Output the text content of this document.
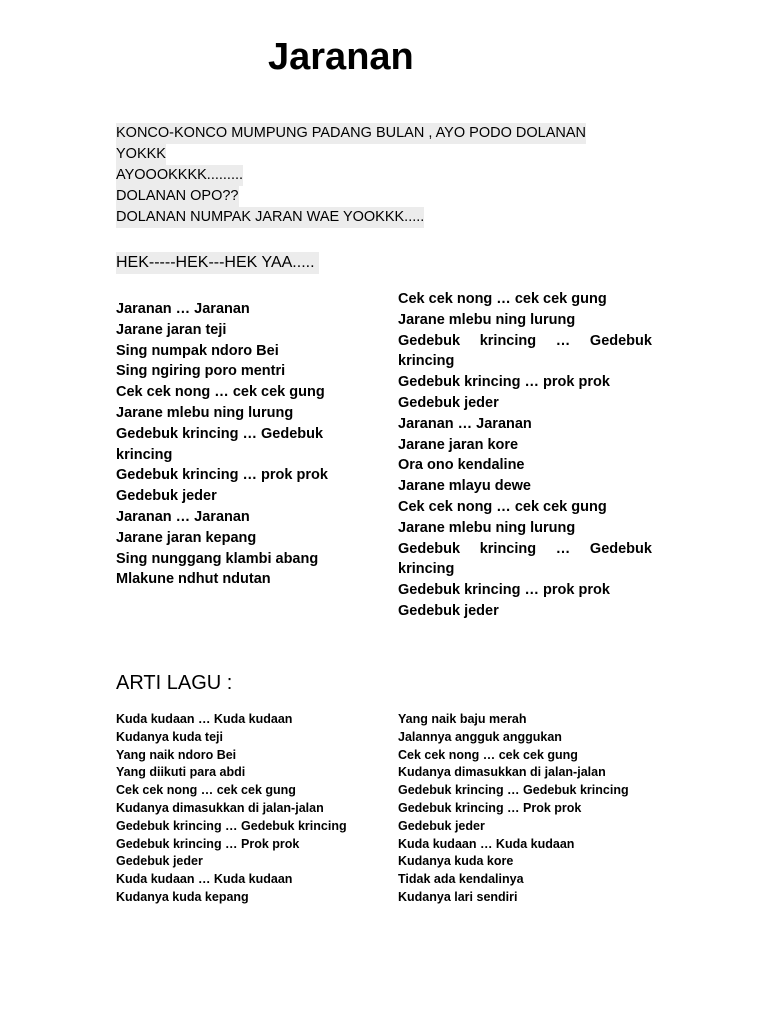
Jaranan
KONCO-KONCO MUMPUNG PADANG BULAN , AYO PODO DOLANAN
YOKKK
AYOOOKKKK.........
DOLANAN OPO??
DOLANAN NUMPAK JARAN WAE YOOKKK.....
HEK-----HEK---HEK YAA.....
Jaranan … Jaranan
Jarane jaran teji
Sing numpak ndoro Bei
Sing ngiring poro mentri
Cek cek nong … cek cek gung
Jarane mlebu ning lurung
Gedebuk krincing … Gedebuk
krincing
Gedebuk krincing … prok prok
Gedebuk jeder
Jaranan … Jaranan
Jarane jaran kepang
Sing nunggang klambi abang
Mlakune ndhut ndutan
Cek cek nong … cek cek gung
Jarane mlebu ning lurung
Gedebuk krincing … Gedebuk
krincing
Gedebuk krincing … prok prok
Gedebuk jeder
Jaranan … Jaranan
Jarane jaran kore
Ora ono kendaline
Jarane mlayu dewe
Cek cek nong … cek cek gung
Jarane mlebu ning lurung
Gedebuk krincing … Gedebuk
krincing
Gedebuk krincing … prok prok
Gedebuk jeder
ARTI LAGU :
Kuda kudaan … Kuda kudaan
Kudanya kuda teji
Yang naik ndoro Bei
Yang diikuti para abdi
Cek cek nong … cek cek gung
Kudanya dimasukkan di jalan-jalan
Gedebuk krincing … Gedebuk krincing
Gedebuk krincing … Prok prok
Gedebuk jeder
Kuda kudaan … Kuda kudaan
Kudanya kuda kepang
Yang naik baju merah
Jalannya angguk anggukan
Cek cek nong … cek cek gung
Kudanya dimasukkan di jalan-jalan
Gedebuk krincing … Gedebuk krincing
Gedebuk krincing … Prok prok
Gedebuk jeder
Kuda kudaan … Kuda kudaan
Kudanya kuda kore
Tidak ada kendalinya
Kudanya lari sendiri
